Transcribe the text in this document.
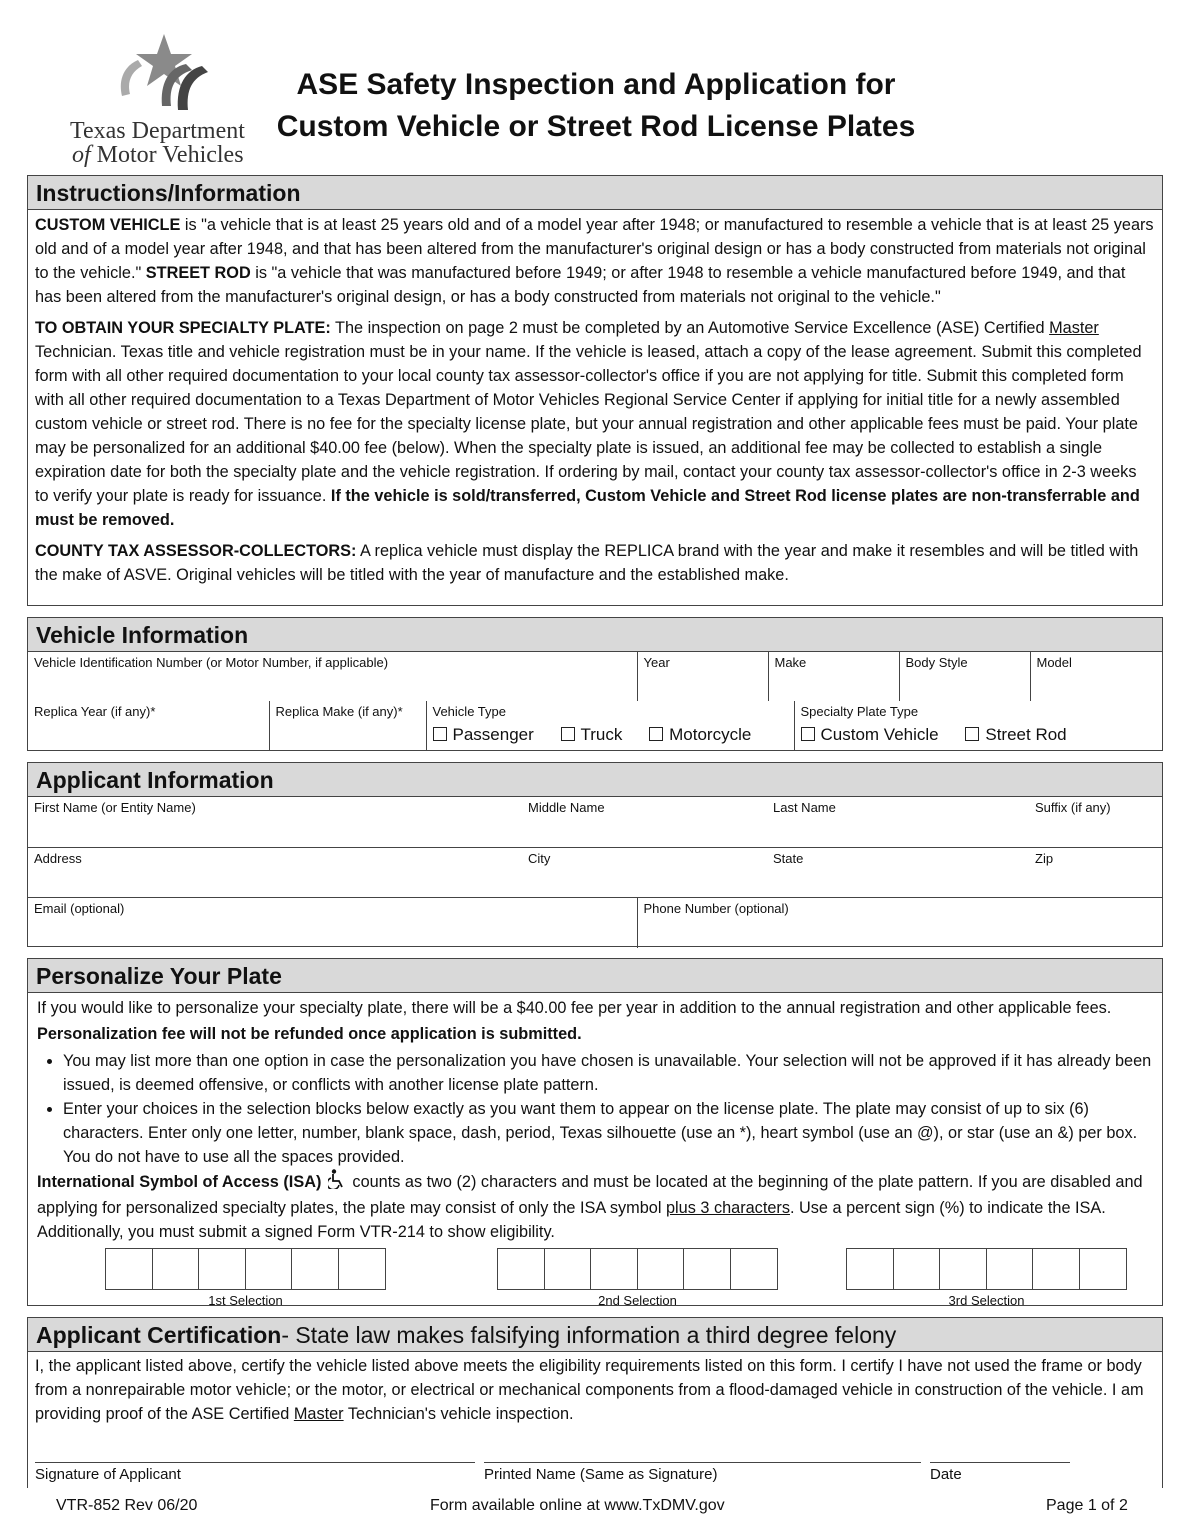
Texas Department
of Motor Vehicles
ASE Safety Inspection and Application for
Custom Vehicle or Street Rod License Plates
Instructions/Information

CUSTOM VEHICLE is "a vehicle that is at least 25 years old and of a model year after 1948; or manufactured to resemble a vehicle that is at least 25 years old and of a model year after 1948, and that has been altered from the manufacturer's original design or has a body constructed from materials not original to the vehicle." STREET ROD is "a vehicle that was manufactured before 1949; or after 1948 to resemble a vehicle manufactured before 1949, and that has been altered from the manufacturer's original design, or has a body constructed from materials not original to the vehicle."

TO OBTAIN YOUR SPECIALTY PLATE: The inspection on page 2 must be completed by an Automotive Service Excellence (ASE) Certified Master Technician. Texas title and vehicle registration must be in your name. If the vehicle is leased, attach a copy of the lease agreement. Submit this completed form with all other required documentation to your local county tax assessor-collector's office if you are not applying for title. Submit this completed form with all other required documentation to a Texas Department of Motor Vehicles Regional Service Center if applying for initial title for a newly assembled custom vehicle or street rod. There is no fee for the specialty license plate, but your annual registration and other applicable fees must be paid. Your plate may be personalized for an additional $40.00 fee (below). When the specialty plate is issued, an additional fee may be collected to establish a single expiration date for both the specialty plate and the vehicle registration. If ordering by mail, contact your county tax assessor-collector's office in 2-3 weeks to verify your plate is ready for issuance. If the vehicle is sold/transferred, Custom Vehicle and Street Rod license plates are non-transferrable and must be removed.

COUNTY TAX ASSESSOR-COLLECTORS: A replica vehicle must display the REPLICA brand with the year and make it resembles and will be titled with the make of ASVE. Original vehicles will be titled with the year of manufacture and the established make.

Vehicle Information
Vehicle Identification Number (or Motor Number, if applicable)	Year	Make	Body Style	Model
Replica Year (if any)*	Replica Make (if any)*	Vehicle Type
Passenger	Truck	Motorcycle

Specialty Plate Type
Custom Vehicle	Street Rod
Applicant Information
First Name (or Entity Name)	Middle Name	Last Name	Suffix (if any)
Address	City	State	Zip
Email (optional)	Phone Number (optional)
Personalize Your Plate

If you would like to personalize your specialty plate, there will be a $40.00 fee per year in addition to the annual registration and other applicable fees. Personalization fee will not be refunded once application is submitted.

• You may list more than one option in case the personalization you have chosen is unavailable. Your selection will not be approved if it has already been issued, is deemed offensive, or conflicts with another license plate pattern.
• Enter your choices in the selection blocks below exactly as you want them to appear on the license plate. The plate may consist of up to six (6) characters. Enter only one letter, number, blank space, dash, period, Texas silhouette (use an *), heart symbol (use an @), or star (use an &) per box. You do not have to use all the spaces provided.

International Symbol of Access (ISA)  counts as two (2) characters and must be located at the beginning of the plate pattern. If you are disabled and applying for personalized specialty plates, the plate may consist of only the ISA symbol plus 3 characters. Use a percent sign (%) to indicate the ISA. Additionally, you must submit a signed Form VTR-214 to show eligibility.

1st Selection	2nd Selection	3rd Selection
Applicant Certification- State law makes falsifying information a third degree felony
I, the applicant listed above, certify the vehicle listed above meets the eligibility requirements listed on this form. I certify I have not used the frame or body from a nonrepairable motor vehicle; or the motor, or electrical or mechanical components from a flood-damaged vehicle in construction of the vehicle. I am providing proof of the ASE Certified Master Technician's vehicle inspection.
Signature of Applicant	Printed Name (Same as Signature)	Date
VTR-852 Rev 06/20	Form available online at www.TxDMV.gov	Page 1 of 2
